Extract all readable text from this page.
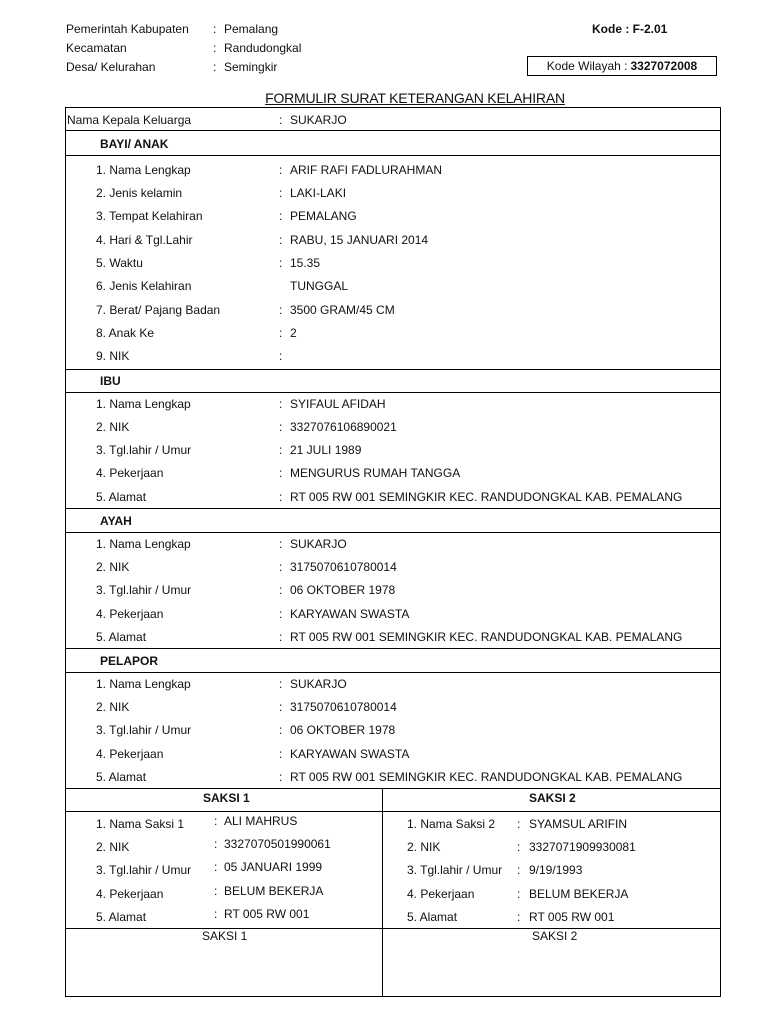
Pemerintah Kabupaten : Pemalang
Kecamatan	: Randudongkal
Desa/ Kelurahan	: Semingkir
Kode : F-2.01
Kode Wilayah : 3327072008
FORMULIR SURAT KETERANGAN KELAHIRAN
Nama Kepala Keluarga	: SUKARJO
BAYI/ ANAK
1. Nama Lengkap	: ARIF RAFI FADLURAHMAN
2. Jenis kelamin	: LAKI-LAKI
3. Tempat Kelahiran	: PEMALANG
4. Hari & Tgl.Lahir	: RABU, 15 JANUARI 2014
5. Waktu	: 15.35
6. Jenis Kelahiran	TUNGGAL
7. Berat/ Pajang Badan	: 3500 GRAM/45 CM
8. Anak Ke	: 2
9. NIK	:
IBU
1. Nama Lengkap	: SYIFAUL AFIDAH
2. NIK	: 3327076106890021
3. Tgl.lahir / Umur	: 21 JULI 1989
4. Pekerjaan	: MENGURUS RUMAH TANGGA
5. Alamat	: RT 005 RW 001 SEMINGKIR KEC. RANDUDONGKAL KAB. PEMALANG
AYAH
1. Nama Lengkap	: SUKARJO
2. NIK	: 3175070610780014
3. Tgl.lahir / Umur	: 06 OKTOBER 1978
4. Pekerjaan	: KARYAWAN SWASTA
5. Alamat	: RT 005 RW 001 SEMINGKIR KEC. RANDUDONGKAL KAB. PEMALANG
PELAPOR
1. Nama Lengkap	: SUKARJO
2. NIK	: 3175070610780014
3. Tgl.lahir / Umur	: 06 OKTOBER 1978
4. Pekerjaan	: KARYAWAN SWASTA
5. Alamat	: RT 005 RW 001 SEMINGKIR KEC. RANDUDONGKAL KAB. PEMALANG
SAKSI 1	SAKSI 2
1. Nama Saksi 1 : ALI MAHRUS
2. NIK	: 3327070501990061
3. Tgl.lahir / Umur : 05 JANUARI 1999
4. Pekerjaan	: BELUM BEKERJA
5. Alamat	: RT 005 RW 001
1. Nama Saksi 2 : SYAMSUL ARIFIN
2. NIK	: 3327071909930081
3. Tgl.lahir / Umur : 9/19/1993
4. Pekerjaan	: BELUM BEKERJA
5. Alamat	: RT 005 RW 001
SAKSI 1	SAKSI 2
